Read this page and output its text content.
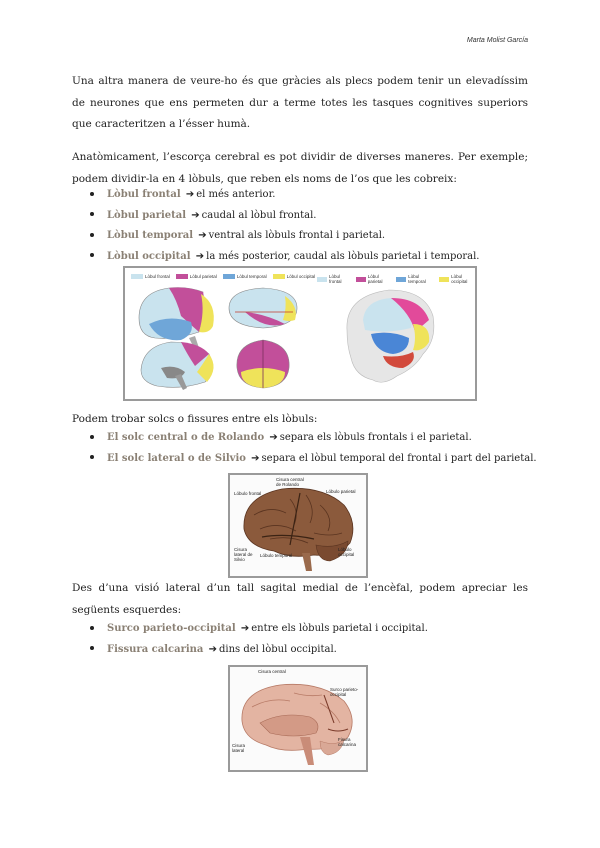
Marta Molist García

Una altra manera de veure-ho és que gràcies als plecs podem tenir un elevadíssim de neurones que ens permeten dur a terme totes les tasques cognitives superiors que caracteritzen a l’ésser humà.

Anatòmicament, l’escorça cerebral es pot dividir de diverses maneres. Per exemple; podem dividir-la en 4 lòbuls, que reben els noms de l’os que les cobreix:

Lòbul frontal ➔ el més anterior.
Lòbul parietal ➔ caudal al lòbul frontal.
Lòbul temporal ➔ ventral als lòbuls frontal i parietal.
Lòbul occipital ➔ la més posterior, caudal als lòbuls parietal i temporal.
Lòbul frontal	Lòbul parietal	Lòbul temporal	Lòbul occipital	Lòbul frontal
Lòbul parietal
Lòbul temporal
Lòbul occipital

Podem trobar solcs o fissures entre els lòbuls:

El solc central o de Rolando ➔ separa els lòbuls frontals i el parietal.
El solc lateral o de Silvio ➔ separa el lòbul temporal del frontal i part del parietal.
Cisura central de Rolando
Lóbulo frontal	Lóbulo parietal
Cisura lateral de Silvio
Lóbulo temporal
Lóbulo occipital

Des d’una visió lateral d’un tall sagital medial de l’encèfal, podem apreciar les següents esquerdes:

Surco parieto-occipital ➔ entre els lòbuls parietal i occipital.
Fissura calcarina ➔ dins del lòbul occipital.
Cisura central
Surco parieto-occipital
Fisura calcarina
Cisura lateral
